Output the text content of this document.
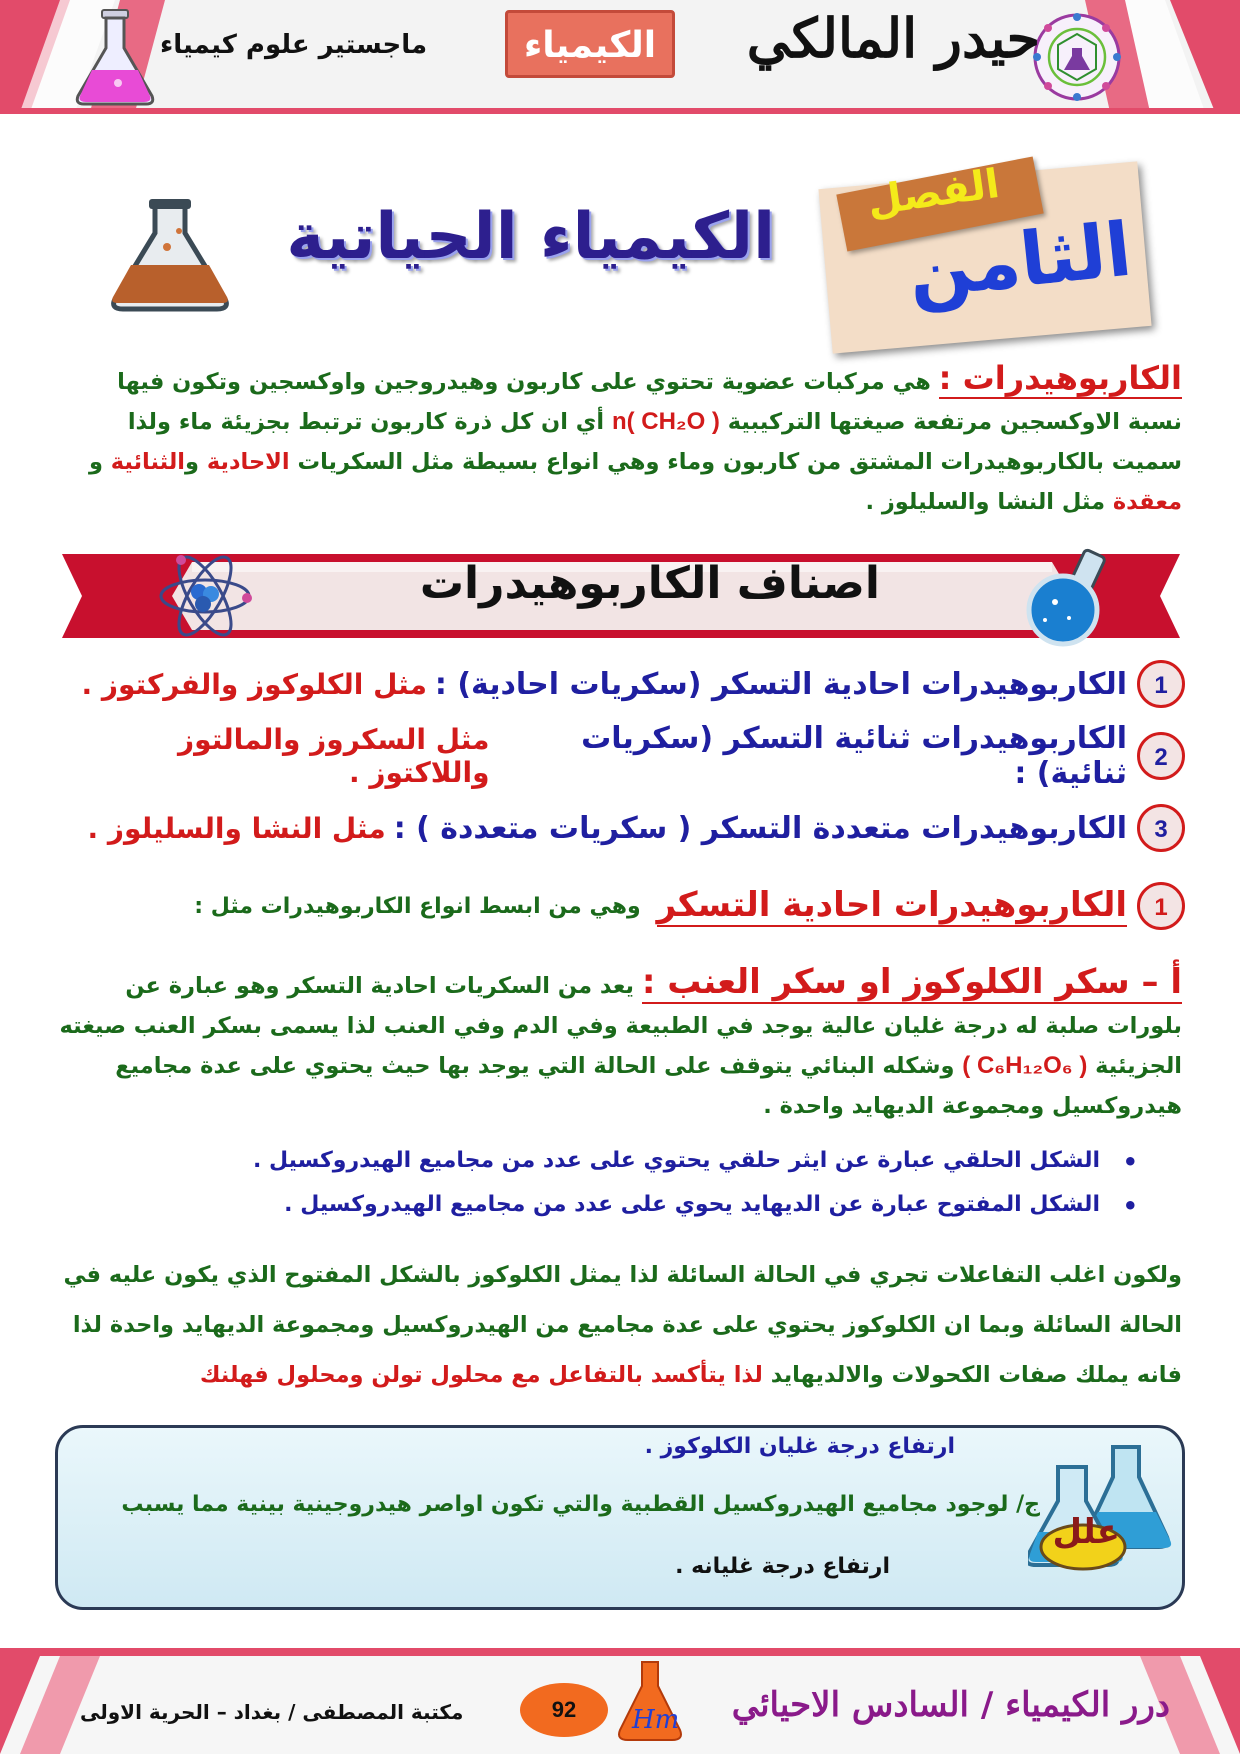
حيدر المالكي
الكيمياء
ماجستير علوم كيمياء
الفصل
الثامن
الكيمياء الحياتية
الكاربوهيدرات : هي مركبات عضوية تحتوي على كاربون وهيدروجين واوكسجين وتكون فيها نسبة الاوكسجين مرتفعة صيغتها التركيبية n( CH₂O ) أي ان كل ذرة كاربون ترتبط بجزيئة ماء ولذا سميت بالكاربوهيدرات المشتق من كاربون وماء وهي انواع بسيطة مثل السكريات الاحادية والثنائية و معقدة مثل النشا والسليلوز .
اصناف الكاربوهيدرات
1
الكاربوهيدرات احادية التسكر (سكريات احادية) :
مثل الكلوكوز والفركتوز .
2
الكاربوهيدرات ثنائية التسكر (سكريات ثنائية) :
مثل السكروز والمالتوز واللاكتوز .
3
الكاربوهيدرات متعددة التسكر ( سكريات متعددة ) :
مثل النشا والسليلوز .
1
الكاربوهيدرات احادية التسكر
وهي من ابسط انواع الكاربوهيدرات مثل :
أ – سكر الكلوكوز او سكر العنب : يعد من السكريات احادية التسكر وهو عبارة عن بلورات صلبة له درجة غليان عالية يوجد في الطبيعة وفي الدم وفي العنب لذا يسمى بسكر العنب صيغته الجزيئية ( C₆H₁₂O₆ ) وشكله البنائي يتوقف على الحالة التي يوجد بها حيث يحتوي على عدة مجاميع هيدروكسيل ومجموعة الديهايد واحدة .
• الشكل الحلقي عبارة عن ايثر حلقي يحتوي على عدد من مجاميع الهيدروكسيل .
• الشكل المفتوح عبارة عن الديهايد يحوي على عدد من مجاميع الهيدروكسيل .
ولكون اغلب التفاعلات تجري في الحالة السائلة لذا يمثل الكلوكوز بالشكل المفتوح الذي يكون عليه في الحالة السائلة وبما ان الكلوكوز يحتوي على عدة مجاميع من الهيدروكسيل ومجموعة الديهايد واحدة لذا فانه يملك صفات الكحولات والالديهايد لذا يتأكسد بالتفاعل مع محلول تولن ومحلول فهلنك
علل
ارتفاع درجة غليان الكلوكوز .
ج/ لوجود مجاميع الهيدروكسيل القطبية والتي تكون اواصر هيدروجينية بينية مما يسبب
ارتفاع درجة غليانه .
درر الكيمياء / السادس الاحيائي
Hm
92
مكتبة المصطفى / بغداد – الحرية الاولى
